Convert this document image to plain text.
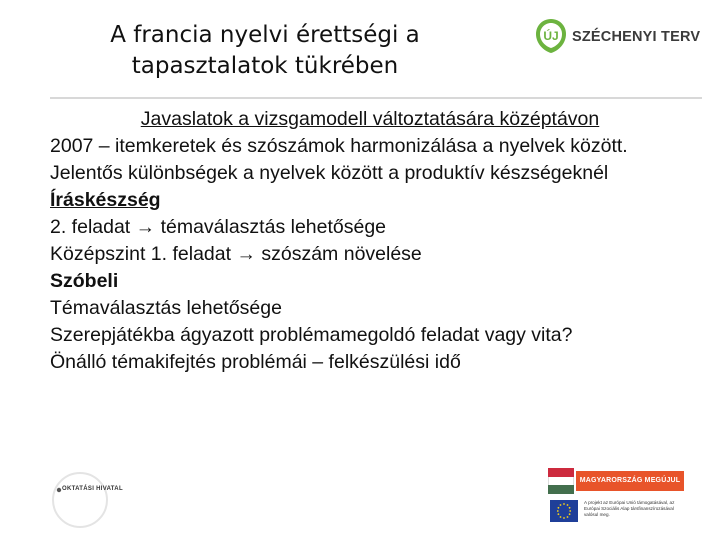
A francia nyelvi érettségi a
tapasztalatok tükrében
ÚJ SZÉCHENYI TERV
Javaslatok a vizsgamodell változtatására középtávon
2007 – itemkeretek és szószámok harmonizálása a nyelvek között.
Jelentős különbségek a nyelvek között a produktív készségeknél
Íráskészség
2. feladat → témaválasztás lehetősége
Középszint 1. feladat → szószám növelése
Szóbeli
Témaválasztás lehetősége
Szerepjátékba ágyazott problémamegoldó feladat vagy vita?
Önálló témakifejtés problémái – felkészülési idő
OKTATÁSI HIVATAL
MAGYARORSZÁG MEGÚJUL
A projekt az Európai Unió támogatásával, az Európai Szociális Alap társfinanszírozásával valósul meg.
